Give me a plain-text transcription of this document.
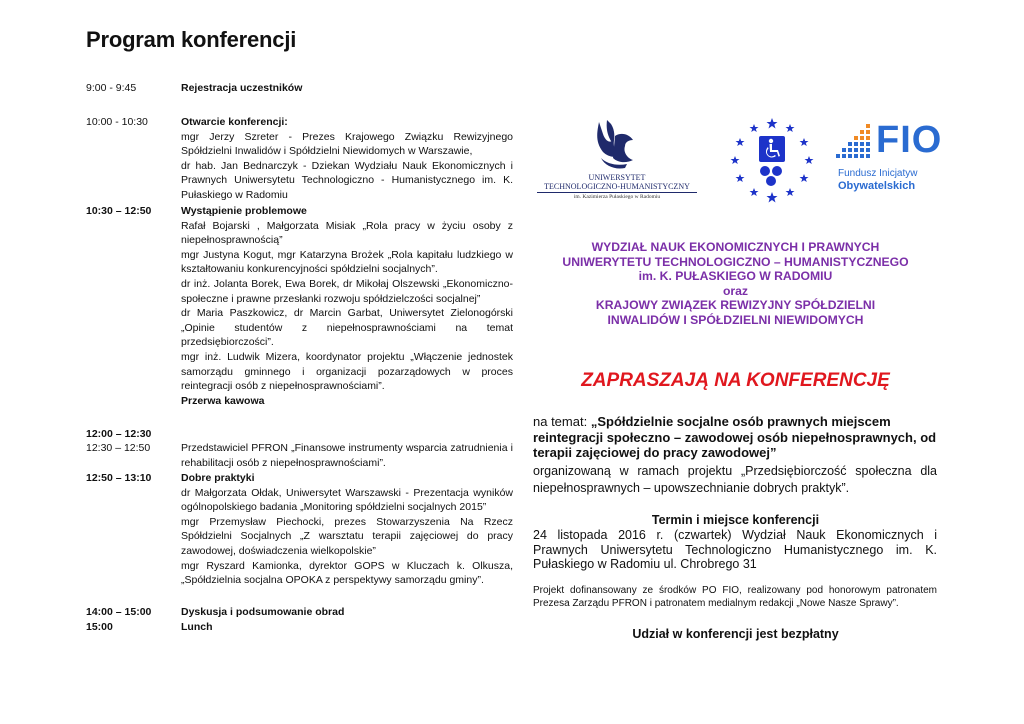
Program konferencji
9:00 - 9:45	Rejestracja uczestników
10:00 - 10:30	Otwarcie konferencji:
mgr Jerzy Szreter - Prezes Krajowego Związku Rewizyjnego Spółdzielni Inwalidów i Spółdzielni Niewidomych w Warszawie,
dr hab. Jan Bednarczyk - Dziekan Wydziału Nauk Ekonomicznych i Prawnych Uniwersytetu Technologiczno - Humanistycznego im. K. Pułaskiego w Radomiu
10:30 – 12:50	Wystąpienie problemowe
Rafał Bojarski , Małgorzata Misiak „Rola pracy w życiu osoby z niepełnosprawnością”
mgr Justyna Kogut, mgr Katarzyna Brożek „Rola kapitału ludzkiego w kształtowaniu konkurencyjności spółdzielni socjalnych”.
dr inż. Jolanta Borek, Ewa Borek, dr Mikołaj Olszewski „Ekonomiczno-społeczne i prawne przesłanki rozwoju spółdzielczości socjalnej”
dr Maria Paszkowicz, dr Marcin Garbat, Uniwersytet Zielonogórski „Opinie studentów z niepełnosprawnościami na temat przedsiębiorczości”.
mgr inż. Ludwik Mizera, koordynator projektu „Włączenie jednostek samorządu gminnego i organizacji pozarządowych w proces reintegracji osób z niepełnosprawnościami”.
Przerwa kawowa
12:00 – 12:30
12:30 – 12:50	Przedstawiciel PFRON „Finansowe instrumenty wsparcia zatrudnienia i rehabilitacji osób z niepełnosprawnościami”.
12:50 – 13:10	Dobre praktyki
dr Małgorzata Ołdak, Uniwersytet Warszawski - Prezentacja wyników ogólnopolskiego badania „Monitoring spółdzielni socjalnych 2015”
mgr Przemysław Piechocki, prezes Stowarzyszenia Na Rzecz Spółdzielni Socjalnych „Z warsztatu terapii zajęciowej do pracy zawodowej, doświadczenia wielkopolskie”
mgr Ryszard Kamionka, dyrektor GOPS w Kluczach k. Olkusza, „Spółdzielnia socjalna OPOKA z perspektywy samorządu gminy”.
14:00 – 15:00	Dyskusja i podsumowanie obrad
15:00	Lunch
UNIWERSYTET
TECHNOLOGICZNO-HUMANISTYCZNY
im. Kazimierza Pułaskiego w Radomiu
FIO
Fundusz Inicjatyw
Obywatelskich
WYDZIAŁ NAUK EKONOMICZNYCH I PRAWNYCH
UNIWERYTETU TECHNOLOGICZNO – HUMANISTYCZNEGO
im. K. PUŁASKIEGO W RADOMIU
oraz
KRAJOWY ZWIĄZEK REWIZYJNY SPÓŁDZIELNI
INWALIDÓW I SPÓŁDZIELNI NIEWIDOMYCH
ZAPRASZAJĄ NA KONFERENCJĘ
na temat: „Spółdzielnie socjalne osób prawnych miejscem reintegracji społeczno – zawodowej osób niepełnosprawnych, od terapii zajęciowej do pracy zawodowej”
organizowaną w ramach projektu „Przedsiębiorczość społeczna dla niepełnosprawnych – upowszechnianie dobrych praktyk”.
Termin i miejsce konferencji
24 listopada 2016 r. (czwartek) Wydział Nauk Ekonomicznych i Prawnych Uniwersytetu Technologiczno Humanistycznego im. K. Pułaskiego w Radomiu ul. Chrobrego 31
Projekt dofinansowany ze środków PO FIO, realizowany pod honorowym patronatem Prezesa Zarządu PFRON i patronatem medialnym redakcji „Nowe Nasze Sprawy”.
Udział w konferencji jest bezpłatny
